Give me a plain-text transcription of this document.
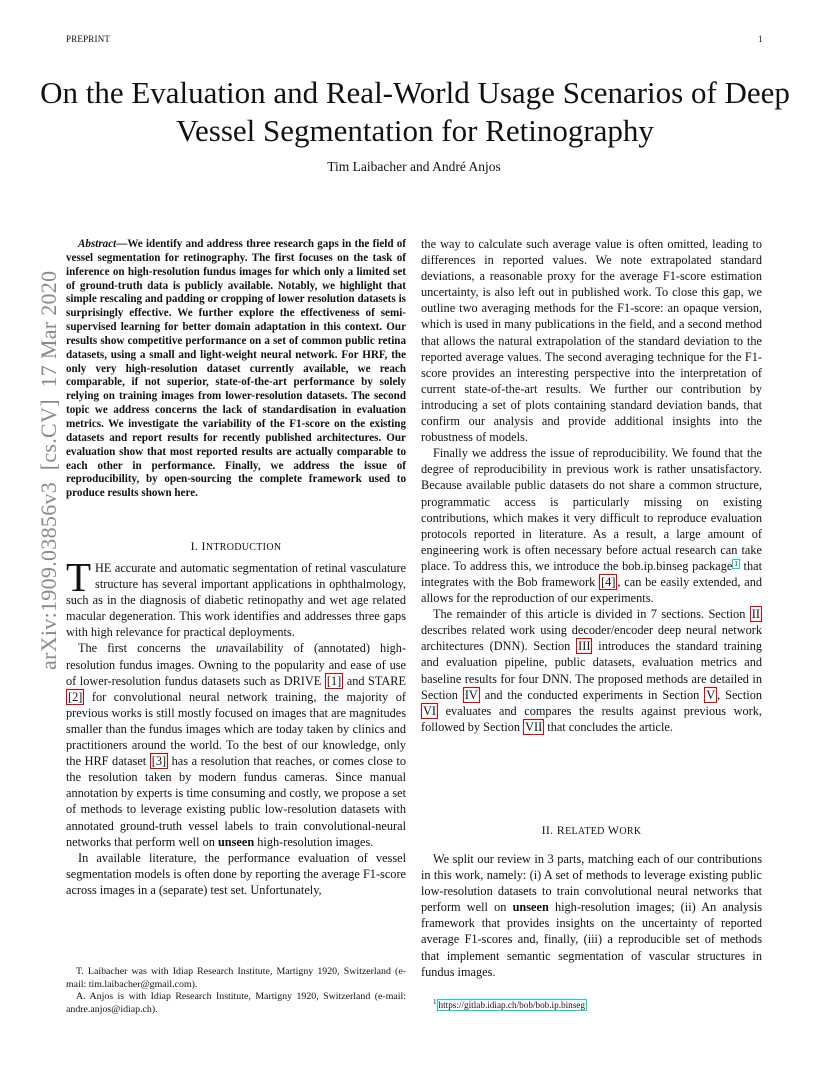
PREPRINT	1
On the Evaluation and Real-World Usage Scenarios of Deep Vessel Segmentation for Retinography
Tim Laibacher and André Anjos
arXiv:1909.03856v3  [cs.CV]  17 Mar 2020

Abstract—We identify and address three research gaps in the field of vessel segmentation for retinography. The first focuses on the task of inference on high-resolution fundus images for which only a limited set of ground-truth data is publicly available. Notably, we highlight that simple rescaling and padding or cropping of lower resolution datasets is surprisingly effective. We further explore the effectiveness of semi-supervised learning for better domain adaptation in this context. Our results show competitive performance on a set of common public retina datasets, using a small and light-weight neural network. For HRF, the only very high-resolution dataset currently available, we reach comparable, if not superior, state-of-the-art performance by solely relying on training images from lower-resolution datasets. The second topic we address concerns the lack of standardisation in evaluation metrics. We investigate the variability of the F1-score on the existing datasets and report results for recently published architectures. Our evaluation show that most reported results are actually comparable to each other in performance. Finally, we address the issue of reproducibility, by open-sourcing the complete framework used to produce results shown here.

I. INTRODUCTION

THE accurate and automatic segmentation of retinal vasculature structure has several important applications in ophthalmology, such as in the diagnosis of diabetic retinopathy and wet age related macular degeneration. This work identifies and addresses three gaps with high relevance for practical deployments.

The first concerns the unavailability of (annotated) high-resolution fundus images. Owning to the popularity and ease of use of lower-resolution fundus datasets such as DRIVE [1] and STARE [2] for convolutional neural network training, the majority of previous works is still mostly focused on images that are magnitudes smaller than the fundus images which are today taken by clinics and practitioners around the world. To the best of our knowledge, only the HRF dataset [3] has a resolution that reaches, or comes close to the resolution taken by modern fundus cameras. Since manual annotation by experts is time consuming and costly, we propose a set of methods to leverage existing public low-resolution datasets with annotated ground-truth vessel labels to train convolutional-neural networks that perform well on unseen high-resolution images.

In available literature, the performance evaluation of vessel segmentation models is often done by reporting the average F1-score across images in a (separate) test set. Unfortunately,

T. Laibacher was with Idiap Research Institute, Martigny 1920, Switzerland (e-mail: tim.laibacher@gmail.com).

A. Anjos is with Idiap Research Institute, Martigny 1920, Switzerland (e-mail: andre.anjos@idiap.ch).

the way to calculate such average value is often omitted, leading to differences in reported values. We note extrapolated standard deviations, a reasonable proxy for the average F1-score estimation uncertainty, is also left out in published work. To close this gap, we outline two averaging methods for the F1-score: an opaque version, which is used in many publications in the field, and a second method that allows the natural extrapolation of the standard deviation to the reported average values. The second averaging technique for the F1-score provides an interesting perspective into the interpretation of current state-of-the-art results. We further our contribution by introducing a set of plots containing standard deviation bands, that confirm our analysis and provide additional insights into the robustness of models.

Finally we address the issue of reproducibility. We found that the degree of reproducibility in previous work is rather unsatisfactory. Because available public datasets do not share a common structure, programmatic access is particularly missing on existing contributions, which makes it very difficult to reproduce evaluation protocols reported in literature. As a result, a large amount of engineering work is often necessary before actual research can take place. To address this, we introduce the bob.ip.binseg package $^1$ that integrates with the Bob framework [4] , can be easily extended, and allows for the reproduction of our experiments.

The remainder of this article is divided in 7 sections. Section II describes related work using decoder/encoder deep neural network architectures (DNN). Section III introduces the standard training and evaluation pipeline, public datasets, evaluation metrics and baseline results for four DNN. The proposed methods are detailed in Section IV and the conducted experiments in Section V , Section VI evaluates and compares the results against previous work, followed by Section VII that concludes the article.

II. RELATED WORK

We split our review in 3 parts, matching each of our contributions in this work, namely: (i) A set of methods to leverage existing public low-resolution datasets to train convolutional neural networks that perform well on unseen high-resolution images; (ii) An analysis framework that provides insights on the uncertainty of reported average F1-scores and, finally, (iii) a reproducible set of methods that implement semantic segmentation of vascular structures in fundus images.

$^1$ https://gitlab.idiap.ch/bob/bob.ip.binseg
